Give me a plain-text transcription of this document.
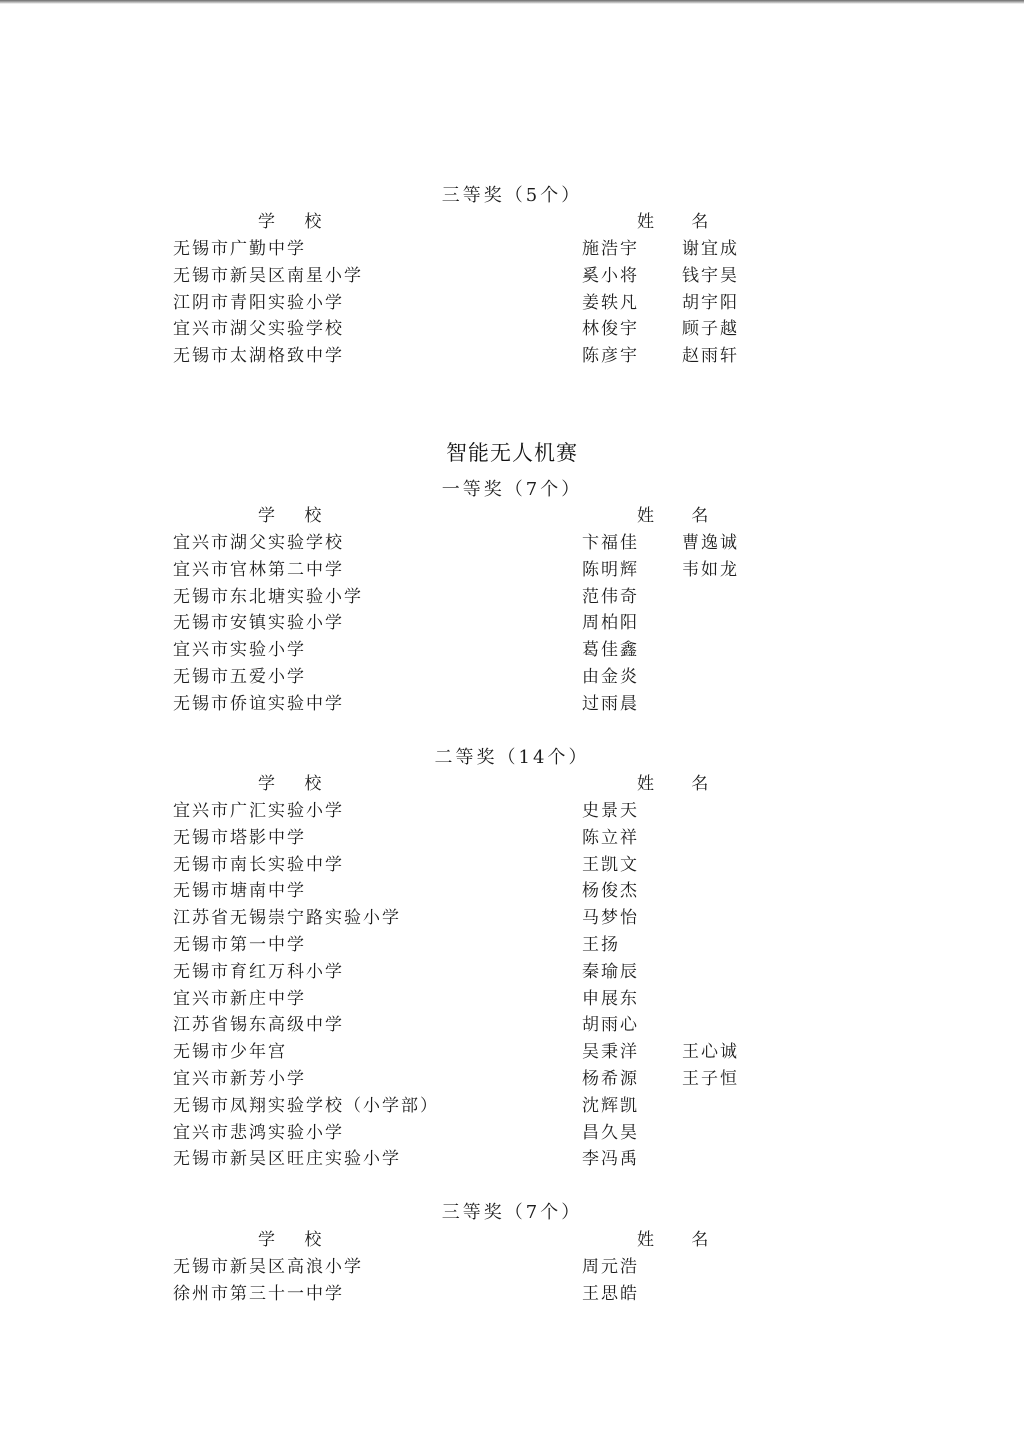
三等奖（5个）
学 校	姓 名
无锡市广勤中学	施浩宇	谢宜成
无锡市新吴区南星小学	奚小将	钱宇昊
江阴市青阳实验小学	姜轶凡	胡宇阳
宜兴市湖父实验学校	林俊宇	顾子越
无锡市太湖格致中学	陈彦宇	赵雨轩
智能无人机赛
一等奖（7个）
学 校	姓 名
宜兴市湖父实验学校	卞福佳	曹逸诚
宜兴市官林第二中学	陈明辉	韦如龙
无锡市东北塘实验小学	范伟奇
无锡市安镇实验小学	周柏阳
宜兴市实验小学	葛佳鑫
无锡市五爱小学	由金炎
无锡市侨谊实验中学	过雨晨
二等奖（14个）
学 校	姓 名
宜兴市广汇实验小学	史景天
无锡市塔影中学	陈立祥
无锡市南长实验中学	王凯文
无锡市塘南中学	杨俊杰
江苏省无锡崇宁路实验小学	马梦怡
无锡市第一中学	王扬
无锡市育红万科小学	秦瑜辰
宜兴市新庄中学	申展东
江苏省锡东高级中学	胡雨心
无锡市少年宫	吴秉洋	王心诚
宜兴市新芳小学	杨希源	王子恒
无锡市凤翔实验学校（小学部）	沈辉凯
宜兴市悲鸿实验小学	昌久昊
无锡市新吴区旺庄实验小学	李冯禹
三等奖（7个）
学 校	姓 名
无锡市新吴区高浪小学	周元浩
徐州市第三十一中学	王思皓
